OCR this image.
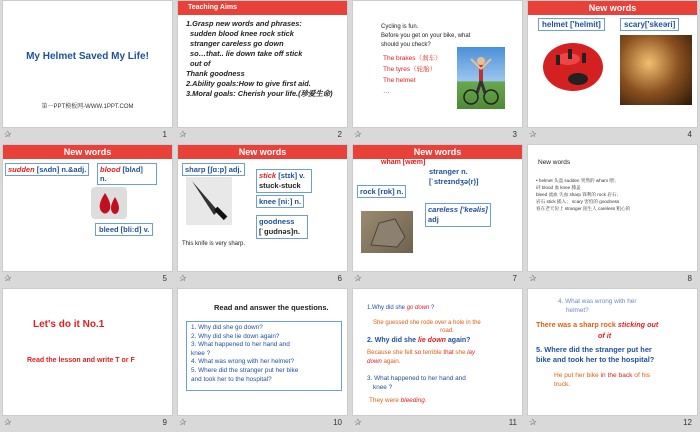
My Helmet Saved My Life!
第一PPT模板网-WWW.1PPT.COM
✰	1
Teaching Aims
1.Grasp new words and phrases:
sudden blood knee rock stick
stranger careless go down
so…that.. lie down take off stick
out of
Thank goodness
2.Ability goals:How to give first aid.
3.Moral goals: Cherish your life.(珍爱生命)
✰	2
Cycling is fun.
Before you get on your bike, what
should you check?
The brakes（刹车）
The tyres（轮胎）
The helmet
…
✰	3
New words
helmet ['helmit]	scary['skeəri]
✰	4
New words
sudden [sʌdn] n.&adj.	blood [blʌd]
n.
bleed [bliːd] v.
✰	5
New words
sharp [ʃɑːp] adj.
stick [stɪk] v.
stuck-stuck
knee [niː] n.
goodness
[ˈgʊdnəs]n.
This knife is very sharp.
✰	6
New words
wham [wæm]
stranger n.
[ˈstreɪndʒə(r)]
rock [rɒk] n.
careless ['keəlis]
adj
✰	7
New words
• helmet 头盔 sudden 突然的 wham 喂；
砰 blood 血 knee 膝盖
bleed 流血 失血 sharp 锋利的 rock 岩石；
岩石 stick 插入； scary 害怕的 goodness
看在老天份上 stranger 陌生人 careless 粗心的
✰	8
Let's do it No.1
Read the lesson and write T or F
✰	9
Read and answer the questions.
1. Why did she go down?
2. Why did she lie down again?
3. What happened to her hand and
knee ?
4. What was wrong with her helmet?
5. Where did the stranger put her bike
and took her to the hospital?
✰	10
1.Why did she go down ?
She guessed she rode over a hole in the
road.
2. Why did she lie down again?
Because she felt so terrible that she lay
down again.
3. What happened to her hand and
knee ?
They were bleeding.
✰	11
4. What was wrong with her
helmet?
There was a sharp rock sticking out
of it
5. Where did the stranger put her
bike and took her to the hospital?
He put her bike in the back of his
truck.
✰	12
